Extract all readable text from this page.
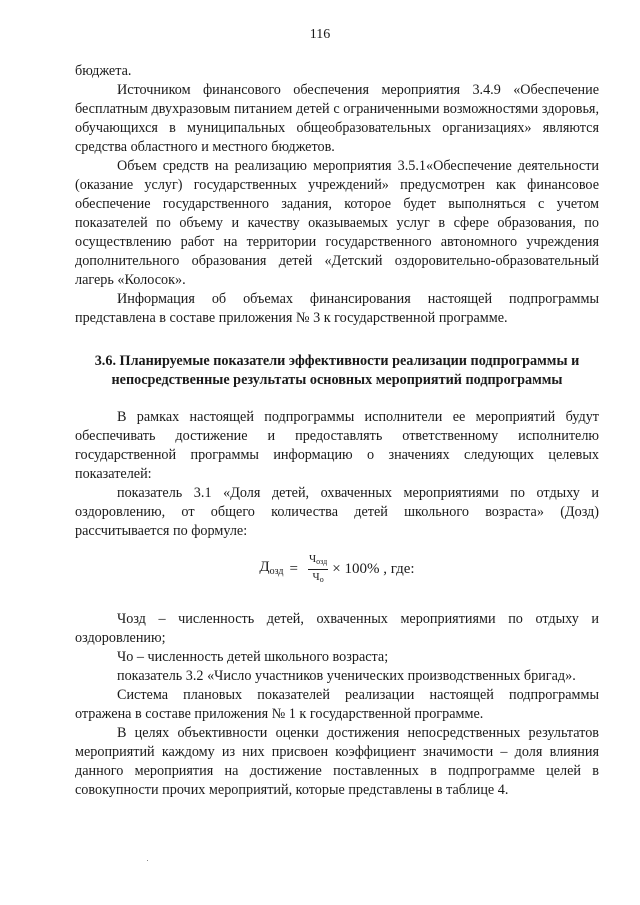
116

бюджета.

Источником финансового обеспечения мероприятия 3.4.9 «Обеспечение бесплатным двухразовым питанием детей с ограниченными возможностями здоровья, обучающихся в муниципальных общеобразовательных организациях» являются средства областного и местного бюджетов.

Объем средств на реализацию мероприятия 3.5.1«Обеспечение деятельности (оказание услуг) государственных учреждений» предусмотрен как финансовое обеспечение государственного задания, которое будет выполняться с учетом показателей по объему и качеству оказываемых услуг в сфере образования, по осуществлению работ на территории государственного автономного учреждения дополнительного образования детей «Детский оздоровительно-образовательный лагерь «Колосок».

Информация об объемах финансирования настоящей подпрограммы представлена в составе приложения № 3 к государственной программе.

3.6. Планируемые показатели эффективности реализации подпрограммы и непосредственные результаты основных мероприятий подпрограммы

В рамках настоящей подпрограммы исполнители ее мероприятий будут обеспечивать достижение и предоставлять ответственному исполнителю государственной программы информацию о значениях следующих целевых показателей:

показатель 3.1 «Доля детей, охваченных мероприятиями по отдыху и оздоровлению, от общего количества детей школьного возраста» (Дозд) рассчитывается по формуле:

$Д_{озд} = \frac{Ч_{озд}}{Ч_о} \times 100\%$ , где:

Чозд – численность детей, охваченных мероприятиями по отдыху и оздоровлению;

Чо – численность детей школьного возраста;

показатель 3.2 «Число участников ученических производственных бригад».

Система плановых показателей реализации настоящей подпрограммы отражена в составе приложения № 1 к государственной программе.

В целях объективности оценки достижения непосредственных результатов мероприятий каждому из них присвоен коэффициент значимости – доля влияния данного мероприятия на достижение поставленных в подпрограмме целей в совокупности прочих мероприятий, которые представлены в таблице 4.
